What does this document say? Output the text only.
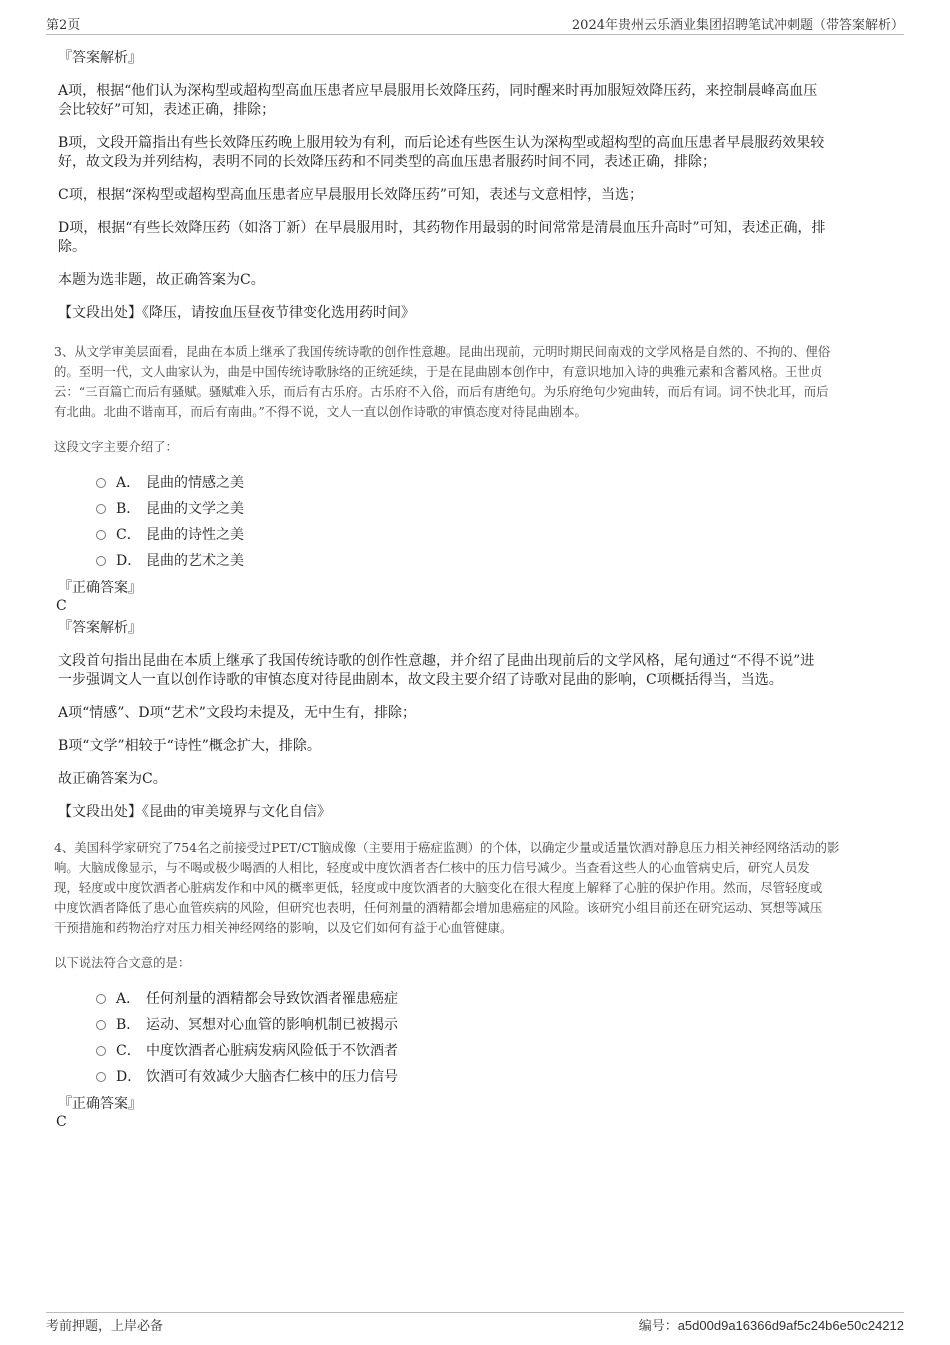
第2页	2024年贵州云乐酒业集团招聘笔试冲刺题（带答案解析）
『答案解析』
A项，根据“他们认为深构型或超构型高血压患者应早晨服用长效降压药，同时醒来时再加服短效降压药，来控制晨峰高血压
会比较好”可知，表述正确，排除；
B项，文段开篇指出有些长效降压药晚上服用较为有利，而后论述有些医生认为深构型或超构型的高血压患者早晨服药效果较
好，故文段为并列结构，表明不同的长效降压药和不同类型的高血压患者服药时间不同，表述正确，排除；
C项，根据“深构型或超构型高血压患者应早晨服用长效降压药”可知，表述与文意相悖，当选；
D项，根据“有些长效降压药（如洛丁新）在早晨服用时，其药物作用最弱的时间常常是清晨血压升高时”可知，表述正确，排
除。
本题为选非题，故正确答案为C。
【文段出处】《降压，请按血压昼夜节律变化选用药时间》
3、从文学审美层面看，昆曲在本质上继承了我国传统诗歌的创作性意趣。昆曲出现前，元明时期民间南戏的文学风格是自然的、不拘的、俚俗
的。至明一代，文人曲家认为，曲是中国传统诗歌脉络的正统延续，于是在昆曲剧本创作中，有意识地加入诗的典雅元素和含蓄风格。王世贞
云：“三百篇亡而后有骚赋。骚赋难入乐，而后有古乐府。古乐府不入俗，而后有唐绝句。为乐府绝句少宛曲转，而后有词。词不快北耳，而后
有北曲。北曲不谐南耳，而后有南曲。”不得不说，文人一直以创作诗歌的审慎态度对待昆曲剧本。
这段文字主要介绍了：
A． 昆曲的情感之美
B． 昆曲的文学之美
C． 昆曲的诗性之美
D． 昆曲的艺术之美
『正确答案』
C
『答案解析』
文段首句指出昆曲在本质上继承了我国传统诗歌的创作性意趣，并介绍了昆曲出现前后的文学风格，尾句通过“不得不说”进
一步强调文人一直以创作诗歌的审慎态度对待昆曲剧本，故文段主要介绍了诗歌对昆曲的影响，C项概括得当，当选。
A项“情感”、D项“艺术”文段均未提及，无中生有，排除；
B项“文学”相较于“诗性”概念扩大，排除。
故正确答案为C。
【文段出处】《昆曲的审美境界与文化自信》
4、美国科学家研究了754名之前接受过PET/CT脑成像（主要用于癌症监测）的个体，以确定少量或适量饮酒对静息压力相关神经网络活动的影
响。大脑成像显示，与不喝或极少喝酒的人相比，轻度或中度饮酒者杏仁核中的压力信号减少。当查看这些人的心血管病史后，研究人员发
现，轻度或中度饮酒者心脏病发作和中风的概率更低，轻度或中度饮酒者的大脑变化在很大程度上解释了心脏的保护作用。然而，尽管轻度或
中度饮酒者降低了患心血管疾病的风险，但研究也表明，任何剂量的酒精都会增加患癌症的风险。该研究小组目前还在研究运动、冥想等减压
干预措施和药物治疗对压力相关神经网络的影响，以及它们如何有益于心血管健康。
以下说法符合文意的是：
A． 任何剂量的酒精都会导致饮酒者罹患癌症
B． 运动、冥想对心血管的影响机制已被揭示
C． 中度饮酒者心脏病发病风险低于不饮酒者
D． 饮酒可有效减少大脑杏仁核中的压力信号
『正确答案』
C
考前押题，上岸必备	编号：a5d00d9a16366d9af5c24b6e50c24212
